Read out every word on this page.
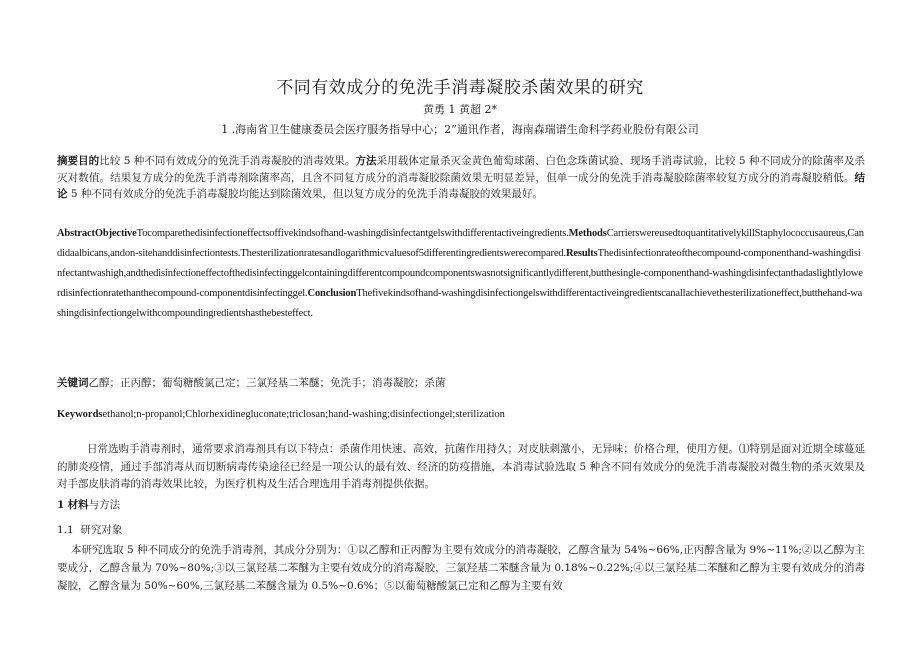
不同有效成分的免洗手消毒凝胶杀菌效果的研究
黄勇 1 黄超 2*
1 .海南省卫生健康委员会医疗服务指导中心；2”通讯作者，海南森瑞谱生命科学药业股份有限公司
摘要目的比较 5 种不同有效成分的免洗手消毒凝胶的消毒效果。方法采用载体定量杀灭金黄色葡萄球菌、白色念珠菌试验、现场手消毒试验，比较 5 种不同成分的除菌率及杀灭对数值。结果复方成分的免洗手消毒剂除菌率高，且含不同复方成分的消毒凝胶除菌效果无明显差异，但单一成分的免洗手消毒凝胶除菌率较复方成分的消毒凝胶稍低。结论 5 种不同有效成分的免洗手消毒凝胶均能达到除菌效果，但以复方成分的免洗手消毒凝胶的效果最好。
AbstractObjectiveTocomparethedisinfectioneffectsoffivekindsofhand-washingdisinfectantgelswithdifferentactiveingredients.MethodsCarrierswereusedtoquantitativelykillStaphylococcusaureus,Candidaalbicans,andon-sitehanddisinfectiontests.Thesterilizationratesandlogarithmicvaluesof5differentingredientswerecompared.ResultsThedisinfectionrateofthecompound-componenthand-washingdisinfectantwashigh,andthedisinfectioneffectofthedisinfectinggelcontainingdifferentcompoundcomponentswasnotsignificantlydifferent,butthesingle-componenthand-washingdisinfectanthadaslightlylowerdisinfectionratethanthecompound-componentdisinfectinggel.ConclusionThefivekindsofhand-washingdisinfectiongelswithdifferentactiveingredientscanallachievethesterilizationeffect,butthehand-washingdisinfectiongelwithcompoundingredientshasthebesteffect.
关键词乙醇；正丙醇；葡萄糖酸氯己定；三氯羟基二苯醚；免洗手；消毒凝胶；杀菌
Keywordsethanol;n-propanol;Chlorhexidinegluconate;triclosan;hand-washing;disinfectiongel;sterilization
日常选购手消毒剂时，通常要求消毒剂具有以下特点：杀菌作用快速、高效，抗菌作用持久；对皮肤刺激小，无异味；价格合理，使用方便。⑴特别是面对近期全球蔓延的肺炎疫情，通过手部消毒从而切断病毒传染途径已经是一项公认的最有效、经济的防疫措施，本消毒试验选取 5 种含不同有效成分的免洗手消毒凝胶对微生物的杀灭效果及对手部皮肤消毒的消毒效果比较，为医疗机构及生活合理选用手消毒剂提供依据。
1 材料与方法
1.1 研究对象
本研究选取 5 种不同成分的免洗手消毒剂，其成分分别为：①以乙醇和正丙醇为主要有效成分的消毒凝胶，乙醇含量为 54%~66%,正丙醇含量为 9%~11%;②以乙醇为主要成分，乙醇含量为 70%~80%;③以三氯羟基二苯醚为主要有效成分的消毒凝胶，三氯羟基二苯醚含量为 0.18%~0.22%;④以三氯羟基二苯醚和乙醇为主要有效成分的消毒凝胶，乙醇含量为 50%~60%,三氯羟基二苯醚含量为 0.5%~0.6%；⑤以葡萄糖酸氯己定和乙醇为主要有效
